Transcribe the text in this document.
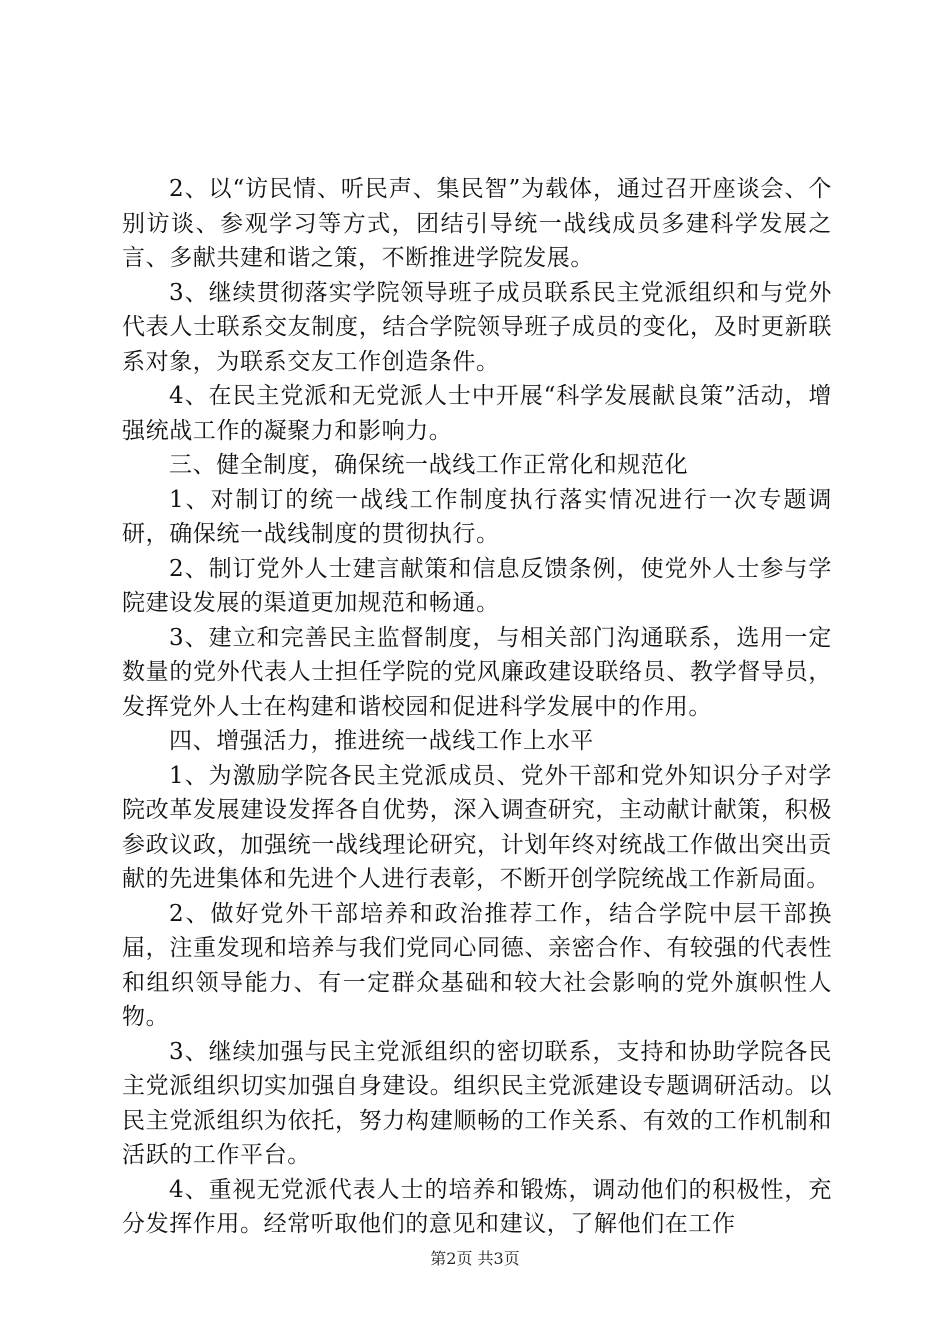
2、以“访民情、听民声、集民智”为载体，通过召开座谈会、个别访谈、参观学习等方式，团结引导统一战线成员多建科学发展之言、多献共建和谐之策，不断推进学院发展。

3、继续贯彻落实学院领导班子成员联系民主党派组织和与党外代表人士联系交友制度，结合学院领导班子成员的变化，及时更新联系对象，为联系交友工作创造条件。

4、在民主党派和无党派人士中开展“科学发展献良策”活动，增强统战工作的凝聚力和影响力。

三、健全制度，确保统一战线工作正常化和规范化

1、对制订的统一战线工作制度执行落实情况进行一次专题调研，确保统一战线制度的贯彻执行。

2、制订党外人士建言献策和信息反馈条例，使党外人士参与学院建设发展的渠道更加规范和畅通。

3、建立和完善民主监督制度，与相关部门沟通联系，选用一定数量的党外代表人士担任学院的党风廉政建设联络员、教学督导员，发挥党外人士在构建和谐校园和促进科学发展中的作用。

四、增强活力，推进统一战线工作上水平

1、为激励学院各民主党派成员、党外干部和党外知识分子对学院改革发展建设发挥各自优势，深入调查研究，主动献计献策，积极参政议政，加强统一战线理论研究，计划年终对统战工作做出突出贡献的先进集体和先进个人进行表彰，不断开创学院统战工作新局面。

2、做好党外干部培养和政治推荐工作，结合学院中层干部换届，注重发现和培养与我们党同心同德、亲密合作、有较强的代表性和组织领导能力、有一定群众基础和较大社会影响的党外旗帜性人物。

3、继续加强与民主党派组织的密切联系，支持和协助学院各民主党派组织切实加强自身建设。组织民主党派建设专题调研活动。以民主党派组织为依托，努力构建顺畅的工作关系、有效的工作机制和活跃的工作平台。

4、重视无党派代表人士的培养和锻炼，调动他们的积极性，充分发挥作用。经常听取他们的意见和建议，了解他们在工作

第2页 共3页
